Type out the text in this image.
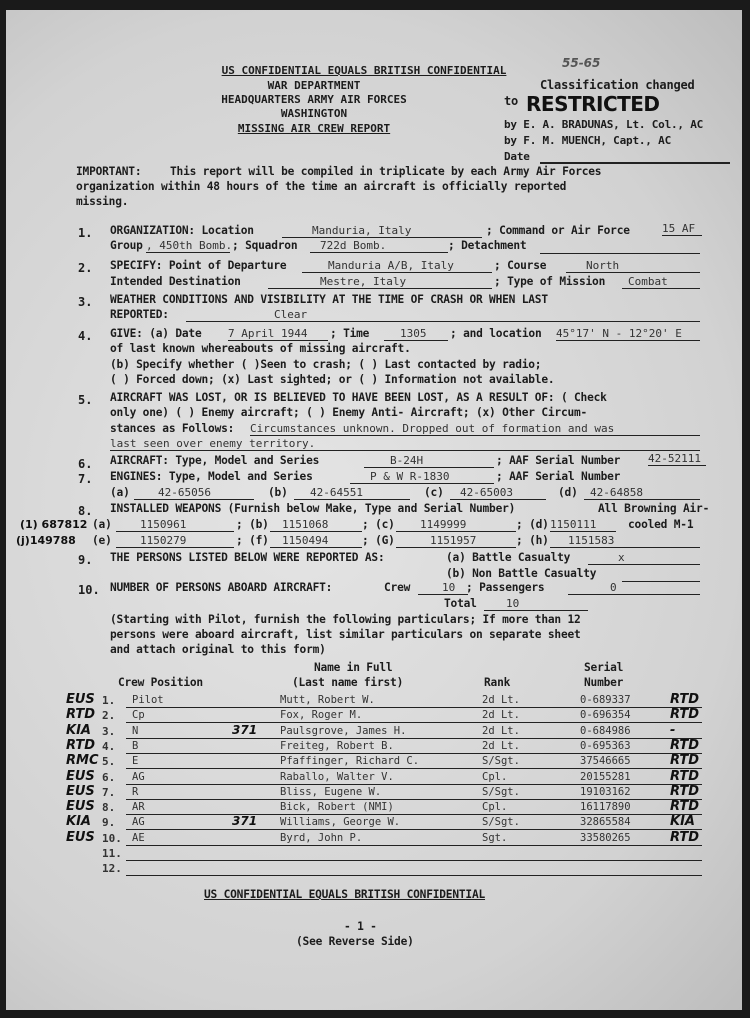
55-65
US CONFIDENTIAL EQUALS BRITISH CONFIDENTIAL
WAR DEPARTMENT
HEADQUARTERS ARMY AIR FORCES
WASHINGTON
MISSING AIR CREW REPORT
Classification changed
to RESTRICTED
by E. A. BRADUNAS, Lt. Col., AC
by F. M. MUENCH, Capt., AC
Date
IMPORTANT:	This report will be compiled in triplicate by each Army Air Forces
organization within 48 hours of the time an aircraft is officially reported
missing.
1. ORGANIZATION: Location	Manduria, Italy	; Command or Air Force	15 AF
Group , 450th Bomb. ; Squadron	722d Bomb.	; Detachment
2. SPECIFY: Point of Departure	Manduria A/B, Italy	; Course	North
Intended Destination	Mestre, Italy	; Type of Mission	Combat
3. WEATHER CONDITIONS AND VISIBILITY AT THE TIME OF CRASH OR WHEN LAST
REPORTED:	Clear
4. GIVE: (a) Date 7 April 1944	; Time	1305	; and location 45°17' N - 12°20' E
of last known whereabouts of missing aircraft.
(b) Specify whether ( )Seen to crash; ( ) Last contacted by radio;
( ) Forced down; (x) Last sighted; or ( ) Information not available.
5. AIRCRAFT WAS LOST, OR IS BELIEVED TO HAVE BEEN LOST, AS A RESULT OF: ( Check
only one) ( ) Enemy aircraft; ( ) Enemy Anti- Aircraft; (x) Other Circum-
stances as Follows: Circumstances unknown. Dropped out of formation and was
last seen over enemy territory.
6. AIRCRAFT: Type, Model and Series	B-24H	; AAF Serial Number	42-52111
7. ENGINES: Type, Model and Series	P & W R-1830	; AAF Serial Number
(a)	42-65056	(b)	42-64551	(c)	42-65003	(d)	42-64858
8. INSTALLED WEAPONS (Furnish below Make, Type and Serial Number)	All Browning Air-
(1) 687812 (a)	1150961	; (b)	1151068	; (c)	1149999	; (d) 1150111	cooled M-1
(j)149788 (e)	1150279	; (f)	1150494	; (G)	1151957	; (h)	1151583
9. THE PERSONS LISTED BELOW WERE REPORTED AS:	(a) Battle Casualty	x
(b) Non Battle Casualty
10. NUMBER OF PERSONS ABOARD AIRCRAFT:	Crew	10 ; Passengers	0
Total	10
(Starting with Pilot, furnish the following particulars; If more than 12
persons were aboard aircraft, list similar particulars on separate sheet
and attach original to this form)
Crew Position
Name in Full
(Last name first)	Rank
Serial
Number
EUS 1. Pilot	Mutt, Robert W.	2d Lt.	0-689337	RTD
RTD 2. Cp	Fox, Roger M.	2d Lt.	0-696354	RTD
KIA 3. N	371 Paulsgrove, James H.	2d Lt.	0-684986	-
RTD 4. B	Freiteg, Robert B.	2d Lt.	0-695363	RTD
RMC 5. E	Pfaffinger, Richard C.	S/Sgt.	37546665	RTD
EUS 6. AG	Raballo, Walter V.	Cpl.	20155281	RTD
EUS 7. R	Bliss, Eugene W.	S/Sgt.	19103162	RTD
EUS 8. AR	Bick, Robert (NMI)	Cpl.	16117890	RTD
KIA 9. AG	371 Williams, George W.	S/Sgt.	32865584	KIA
EUS 10. AE	Byrd, John P.	Sgt.	33580265	RTD
11.
12.
US CONFIDENTIAL EQUALS BRITISH CONFIDENTIAL
- 1 -
(See Reverse Side)
